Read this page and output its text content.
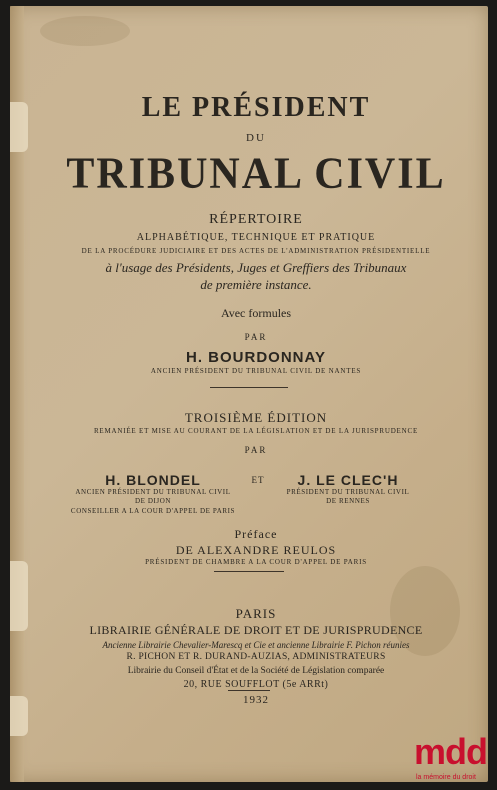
LE PRÉSIDENT
DU
TRIBUNAL CIVIL
RÉPERTOIRE
ALPHABÉTIQUE, TECHNIQUE ET PRATIQUE
DE LA PROCÉDURE JUDICIAIRE ET DES ACTES DE L'ADMINISTRATION PRÉSIDENTIELLE
à l'usage des Présidents, Juges et Greffiers des Tribunaux
de première instance.
Avec formules
PAR
H. BOURDONNAY
ANCIEN PRÉSIDENT DU TRIBUNAL CIVIL DE NANTES
TROISIÈME ÉDITION
REMANIÉE ET MISE AU COURANT DE LA LÉGISLATION ET DE LA JURISPRUDENCE
PAR
H. BLONDEL
ANCIEN PRÉSIDENT DU TRIBUNAL CIVIL
DE DIJON
CONSEILLER A LA COUR D'APPEL DE PARIS
ET	J. LE CLEC'H
PRÉSIDENT DU TRIBUNAL CIVIL
DE RENNES
Préface
DE ALEXANDRE REULOS
PRÉSIDENT DE CHAMBRE A LA COUR D'APPEL DE PARIS
PARIS
LIBRAIRIE GÉNÉRALE DE DROIT ET DE JURISPRUDENCE
Ancienne Librairie Chevalier-Marescq et Cie et ancienne Librairie F. Pichon réunies
R. PICHON ET R. DURAND-AUZIAS, ADMINISTRATEURS
Librairie du Conseil d'État et de la Société de Législation comparée
20, RUE SOUFFLOT (5e ARRt)
1932
mdd
la mémoire du droit
